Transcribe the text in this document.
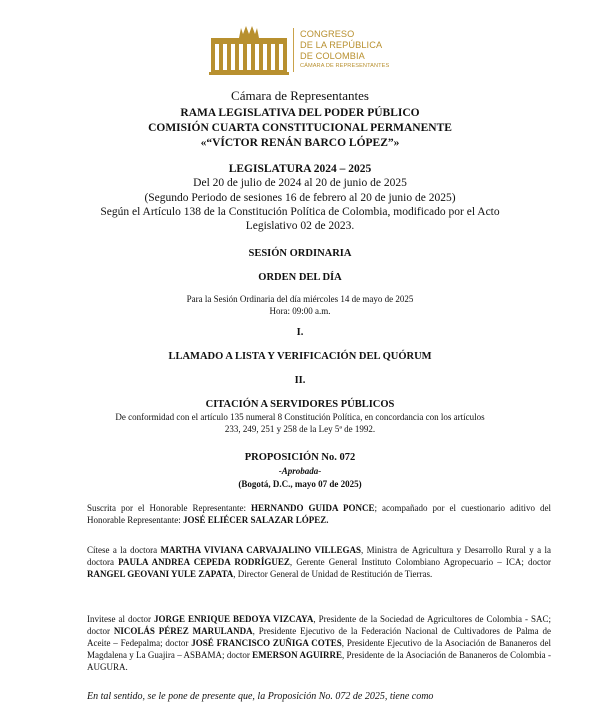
CONGRESO
DE LA REPÚBLICA
DE COLOMBIA
CÁMARA DE REPRESENTANTES
Cámara de Representantes
RAMA LEGISLATIVA DEL PODER PÚBLICO
COMISIÓN CUARTA CONSTITUCIONAL PERMANENTE
«“VÍCTOR RENÁN BARCO LÓPEZ”»
LEGISLATURA 2024 – 2025
Del 20 de julio de 2024 al 20 de junio de 2025
(Segundo Periodo de sesiones 16 de febrero al 20 de junio de 2025)
Según el Artículo 138 de la Constitución Política de Colombia, modificado por el Acto
Legislativo 02 de 2023.
SESIÓN ORDINARIA
ORDEN DEL DÍA
Para la Sesión Ordinaria del día miércoles 14 de mayo de 2025
Hora: 09:00 a.m.
I.
LLAMADO A LISTA Y VERIFICACIÓN DEL QUÓRUM
II.
CITACIÓN A SERVIDORES PÚBLICOS
De conformidad con el artículo 135 numeral 8 Constitución Política, en concordancia con los artículos
233, 249, 251 y 258 de la Ley 5ª de 1992.
PROPOSICIÓN No. 072
-Aprobada-
(Bogotá, D.C., mayo 07 de 2025)
Suscrita por el Honorable Representante: HERNANDO GUIDA PONCE; acompañado por el cuestionario aditivo del Honorable Representante: JOSÉ ELIÉCER SALAZAR LÓPEZ.
Cítese a la doctora MARTHA VIVIANA CARVAJALINO VILLEGAS, Ministra de Agricultura y Desarrollo Rural y a la doctora PAULA ANDREA CEPEDA RODRÍGUEZ, Gerente General Instituto Colombiano Agropecuario – ICA; doctor RANGEL GEOVANI YULE ZAPATA, Director General de Unidad de Restitución de Tierras.
Invitese al doctor JORGE ENRIQUE BEDOYA VIZCAYA, Presidente de la Sociedad de Agricultores de Colombia - SAC; doctor NICOLÁS PÉREZ MARULANDA, Presidente Ejecutivo de la Federación Nacional de Cultivadores de Palma de Aceite – Fedepalma; doctor JOSÉ FRANCISCO ZUÑIGA COTES, Presidente Ejecutivo de la Asociación de Bananeros del Magdalena y La Guajira – ASBAMA; doctor EMERSON AGUIRRE, Presidente de la Asociación de Bananeros de Colombia - AUGURA.
En tal sentido, se le pone de presente que, la Proposición No. 072 de 2025, tiene como
